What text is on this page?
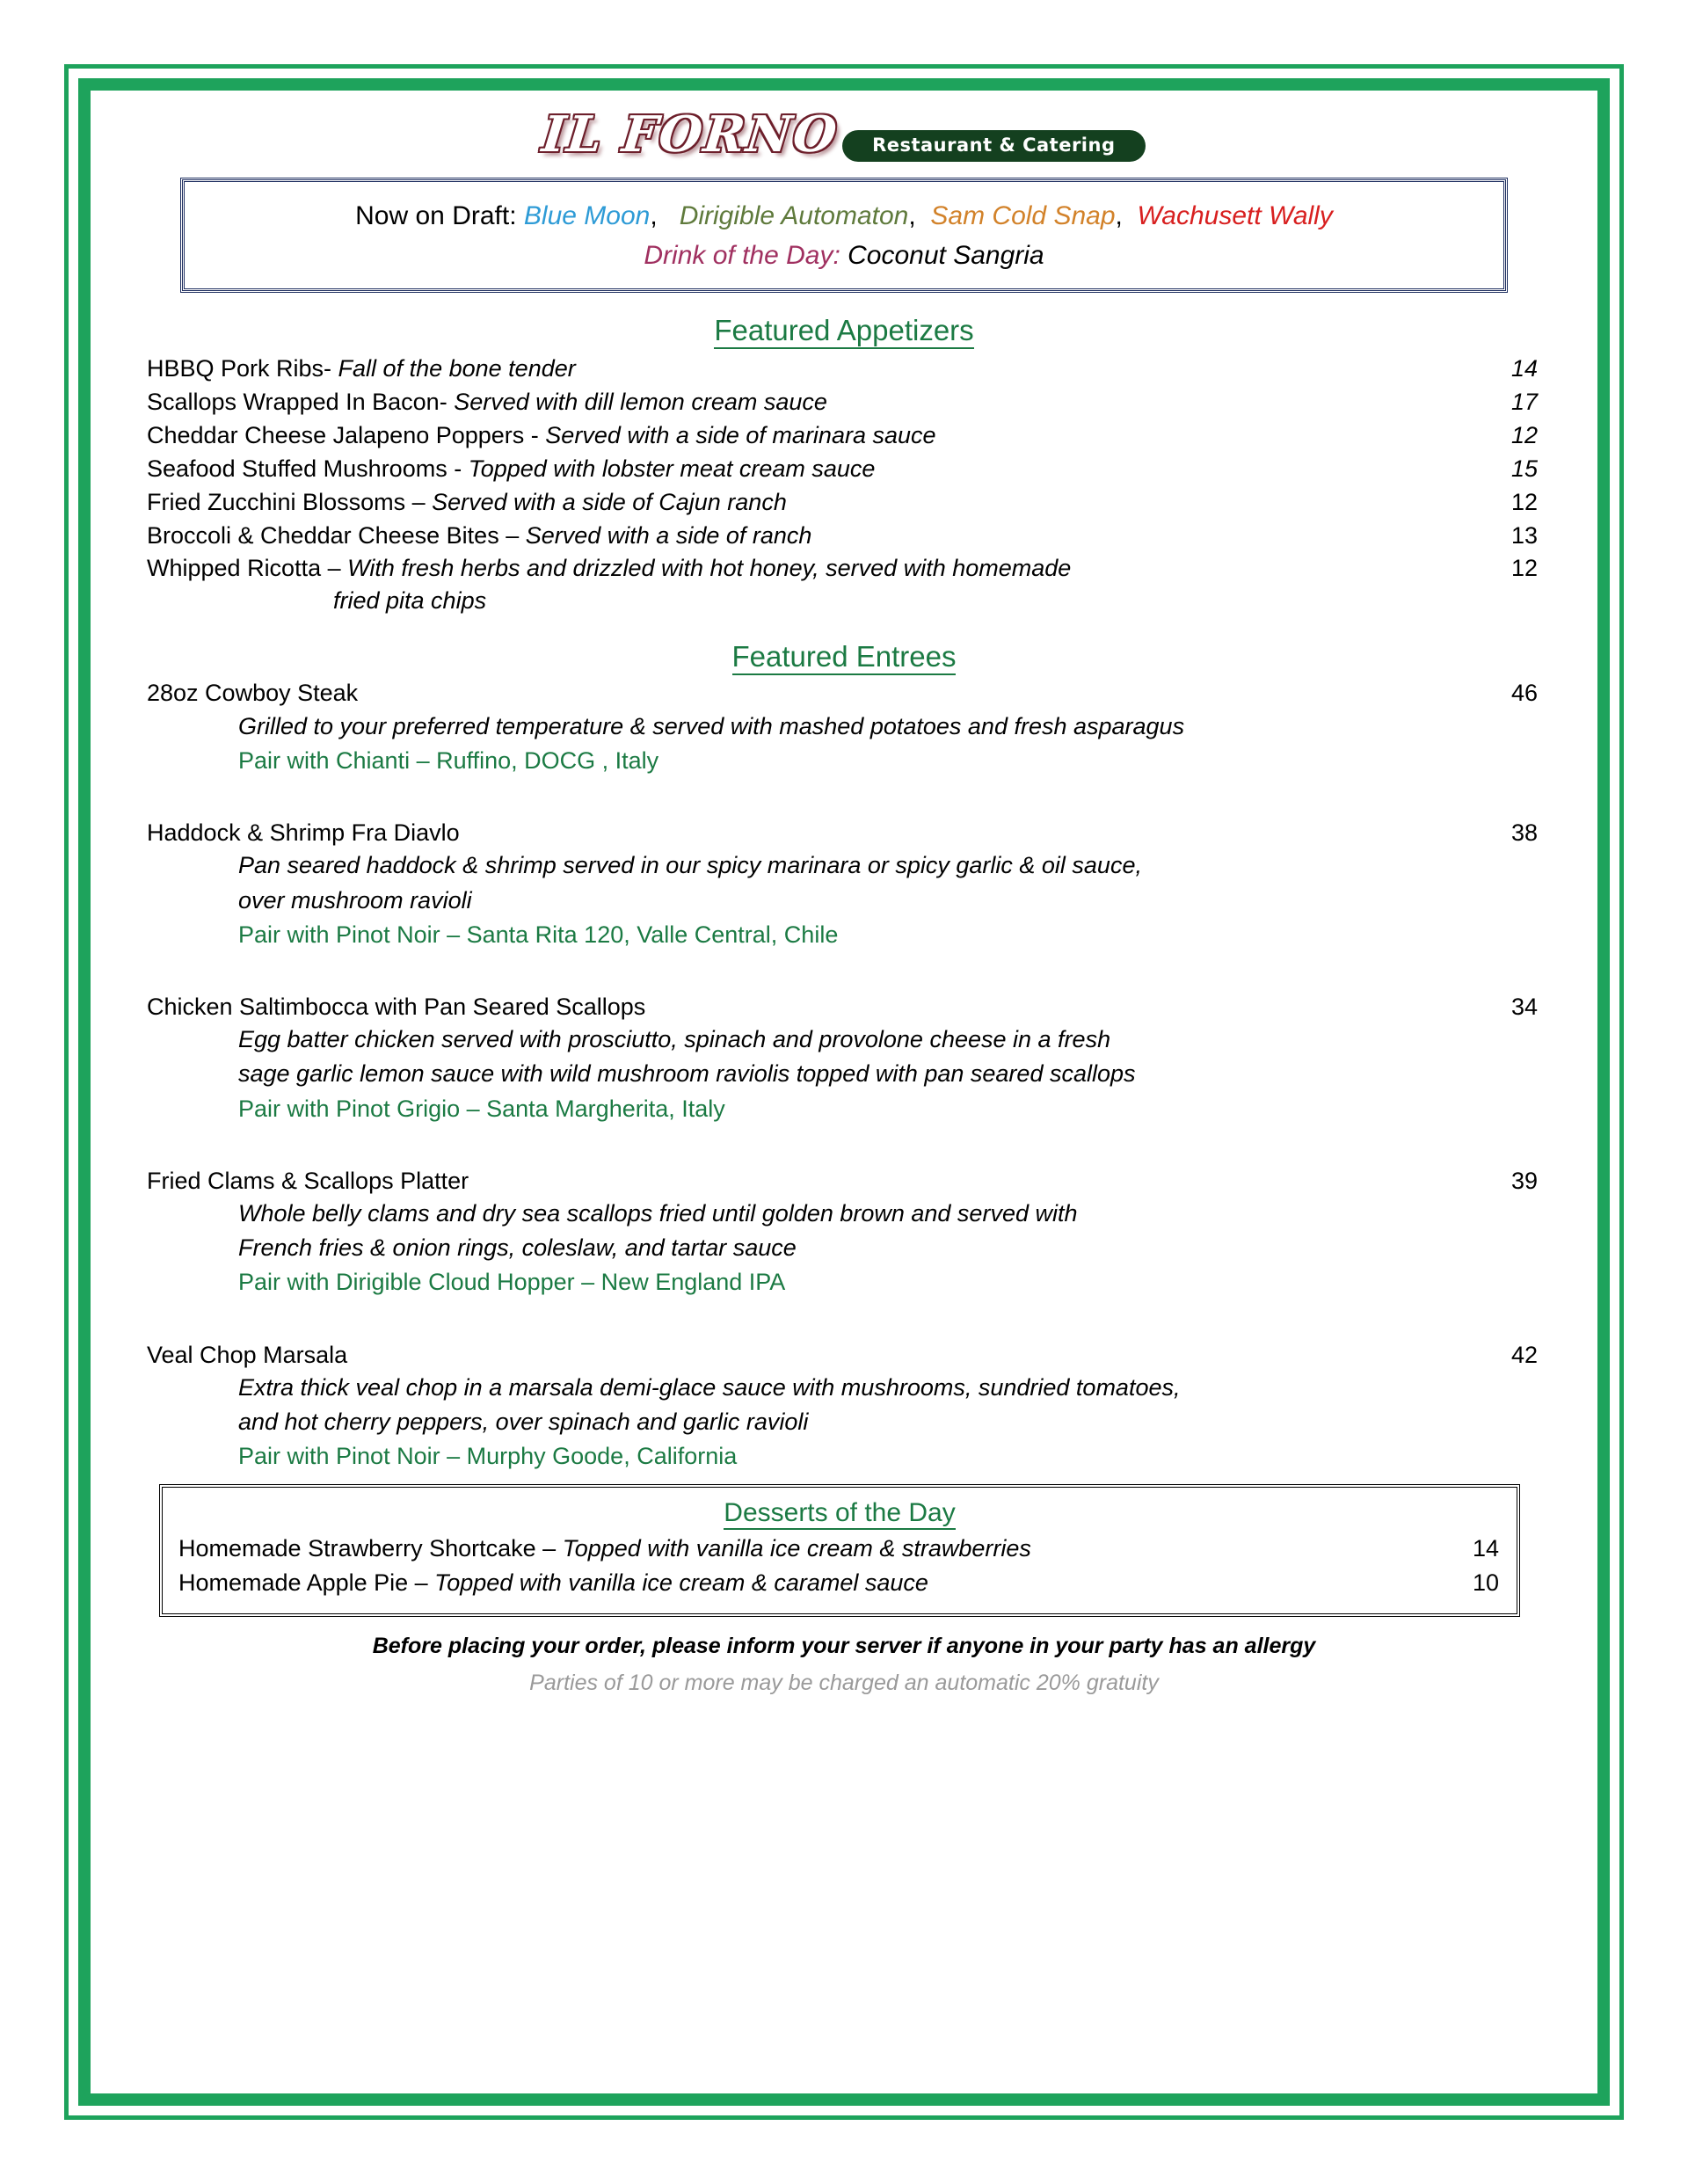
IL FORNO Restaurant & Catering
Now on Draft: Blue Moon, Dirigible Automaton, Sam Cold Snap, Wachusett Wally
Drink of the Day: Coconut Sangria
Featured Appetizers
HBBQ Pork Ribs- Fall of the bone tender	14
Scallops Wrapped In Bacon- Served with dill lemon cream sauce	17
Cheddar Cheese Jalapeno Poppers - Served with a side of marinara sauce	12
Seafood Stuffed Mushrooms - Topped with lobster meat cream sauce	15
Fried Zucchini Blossoms – Served with a side of Cajun ranch	12
Broccoli & Cheddar Cheese Bites – Served with a side of ranch	13
Whipped Ricotta – With fresh herbs and drizzled with hot honey, served with homemade	12
fried pita chips
Featured Entrees
28oz Cowboy Steak	46
Grilled to your preferred temperature & served with mashed potatoes and fresh asparagus
Pair with Chianti – Ruffino, DOCG , Italy
Haddock & Shrimp Fra Diavlo	38
Pan seared haddock & shrimp served in our spicy marinara or spicy garlic & oil sauce,
over mushroom ravioli
Pair with Pinot Noir – Santa Rita 120, Valle Central, Chile
Chicken Saltimbocca with Pan Seared Scallops	34
Egg batter chicken served with prosciutto, spinach and provolone cheese in a fresh
sage garlic lemon sauce with wild mushroom raviolis topped with pan seared scallops
Pair with Pinot Grigio – Santa Margherita, Italy
Fried Clams & Scallops Platter	39
Whole belly clams and dry sea scallops fried until golden brown and served with
French fries & onion rings, coleslaw, and tartar sauce
Pair with Dirigible Cloud Hopper – New England IPA
Veal Chop Marsala	42
Extra thick veal chop in a marsala demi-glace sauce with mushrooms, sundried tomatoes,
and hot cherry peppers, over spinach and garlic ravioli
Pair with Pinot Noir – Murphy Goode, California
Desserts of the Day
Homemade Strawberry Shortcake – Topped with vanilla ice cream & strawberries	14
Homemade Apple Pie – Topped with vanilla ice cream & caramel sauce	10
Before placing your order, please inform your server if anyone in your party has an allergy
Parties of 10 or more may be charged an automatic 20% gratuity
